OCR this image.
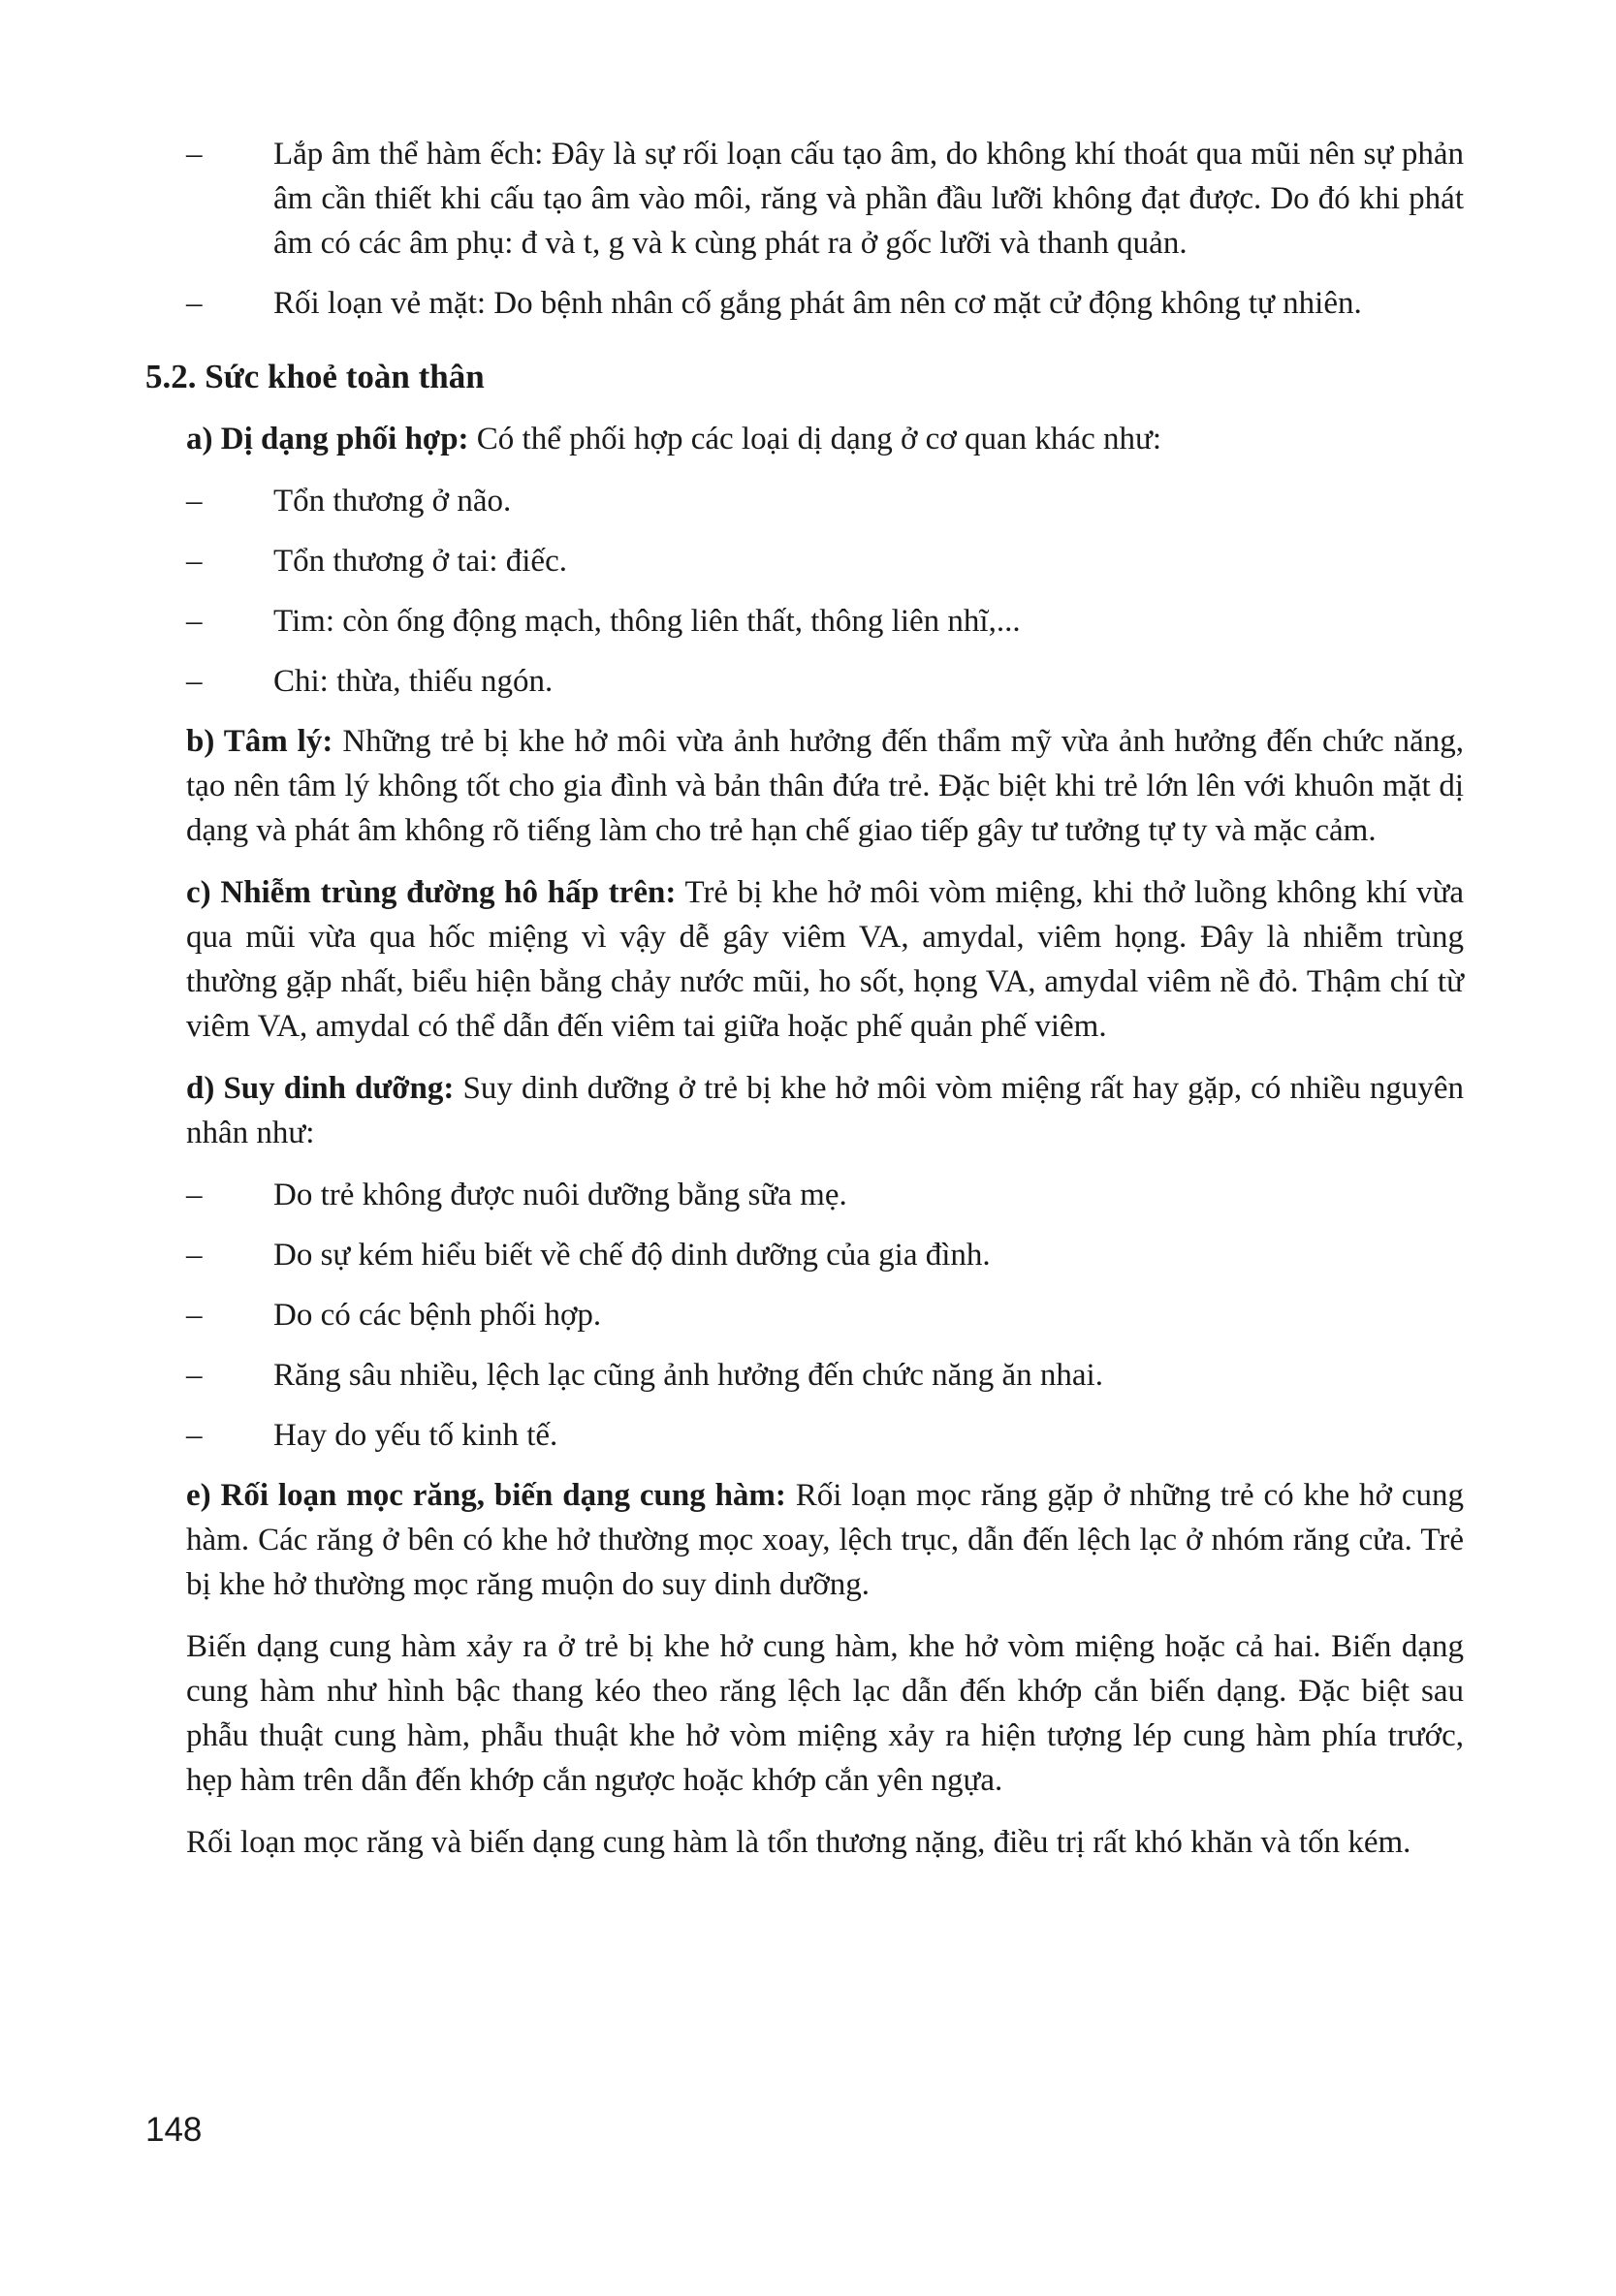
–	Lắp âm thể hàm ếch: Đây là sự rối loạn cấu tạo âm, do không khí thoát qua mũi nên sự phản âm cần thiết khi cấu tạo âm vào môi, răng và phần đầu lưỡi không đạt được. Do đó khi phát âm có các âm phụ: đ và t, g và k cùng phát ra ở gốc lưỡi và thanh quản.
–	Rối loạn vẻ mặt: Do bệnh nhân cố gắng phát âm nên cơ mặt cử động không tự nhiên.
5.2. Sức khoẻ toàn thân
a) Dị dạng phối hợp: Có thể phối hợp các loại dị dạng ở cơ quan khác như:
–	Tổn thương ở não.
–	Tổn thương ở tai: điếc.
–	Tim: còn ống động mạch, thông liên thất, thông liên nhĩ,...
–	Chi: thừa, thiếu ngón.
b) Tâm lý: Những trẻ bị khe hở môi vừa ảnh hưởng đến thẩm mỹ vừa ảnh hưởng đến chức năng, tạo nên tâm lý không tốt cho gia đình và bản thân đứa trẻ. Đặc biệt khi trẻ lớn lên với khuôn mặt dị dạng và phát âm không rõ tiếng làm cho trẻ hạn chế giao tiếp gây tư tưởng tự ty và mặc cảm.
c) Nhiễm trùng đường hô hấp trên: Trẻ bị khe hở môi vòm miệng, khi thở luồng không khí vừa qua mũi vừa qua hốc miệng vì vậy dễ gây viêm VA, amydal, viêm họng. Đây là nhiễm trùng thường gặp nhất, biểu hiện bằng chảy nước mũi, ho sốt, họng VA, amydal viêm nề đỏ. Thậm chí từ viêm VA, amydal có thể dẫn đến viêm tai giữa hoặc phế quản phế viêm.
d) Suy dinh dưỡng: Suy dinh dưỡng ở trẻ bị khe hở môi vòm miệng rất hay gặp, có nhiều nguyên nhân như:
–	Do trẻ không được nuôi dưỡng bằng sữa mẹ.
–	Do sự kém hiểu biết về chế độ dinh dưỡng của gia đình.
–	Do có các bệnh phối hợp.
–	Răng sâu nhiều, lệch lạc cũng ảnh hưởng đến chức năng ăn nhai.
–	Hay do yếu tố kinh tế.
e) Rối loạn mọc răng, biến dạng cung hàm: Rối loạn mọc răng gặp ở những trẻ có khe hở cung hàm. Các răng ở bên có khe hở thường mọc xoay, lệch trục, dẫn đến lệch lạc ở nhóm răng cửa. Trẻ bị khe hở thường mọc răng muộn do suy dinh dưỡng.
Biến dạng cung hàm xảy ra ở trẻ bị khe hở cung hàm, khe hở vòm miệng hoặc cả hai. Biến dạng cung hàm như hình bậc thang kéo theo răng lệch lạc dẫn đến khớp cắn biến dạng. Đặc biệt sau phẫu thuật cung hàm, phẫu thuật khe hở vòm miệng xảy ra hiện tượng lép cung hàm phía trước, hẹp hàm trên dẫn đến khớp cắn ngược hoặc khớp cắn yên ngựa.
Rối loạn mọc răng và biến dạng cung hàm là tổn thương nặng, điều trị rất khó khăn và tốn kém.
148
